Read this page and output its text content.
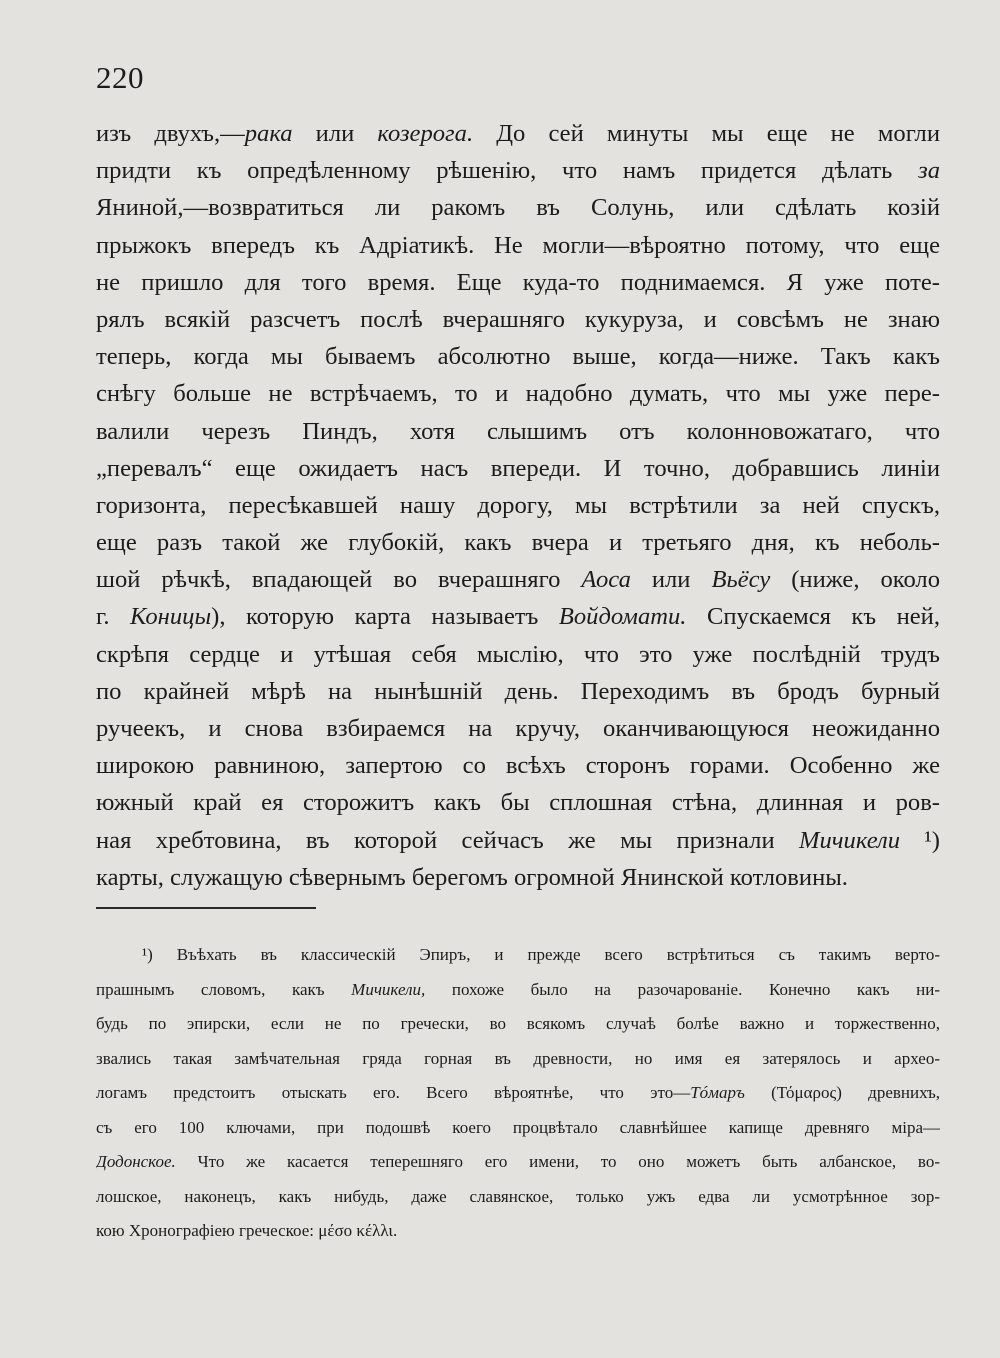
220
изъ двухъ,—рака или козерога. До сей минуты мы еще не могли
придти къ опредѣленному рѣшенію, что намъ придется дѣлать за
Яниной,—возвратиться ли ракомъ въ Солунь, или сдѣлать козій
прыжокъ впередъ къ Адріатикѣ. Не могли—вѣроятно потому, что еще
не пришло для того время. Еще куда-то поднимаемся. Я уже поте-
рялъ всякій разсчетъ послѣ вчерашняго кукуруза, и совсѣмъ не знаю
теперь, когда мы бываемъ абсолютно выше, когда—ниже. Такъ какъ
снѣгу больше не встрѣчаемъ, то и надобно думать, что мы уже пере-
валили черезъ Пиндъ, хотя слышимъ отъ колонновожатаго, что
„перевалъ“ еще ожидаетъ насъ впереди. И точно, добравшись линіи
горизонта, пересѣкавшей нашу дорогу, мы встрѣтили за ней спускъ,
еще разъ такой же глубокій, какъ вчера и третьяго дня, къ неболь-
шой рѣчкѣ, впадающей во вчерашняго Аоса или Вьёсу (ниже, около
г. Коницы), которую карта называетъ Войдомати. Спускаемся къ ней,
скрѣпя сердце и утѣшая себя мыслію, что это уже послѣдній трудъ
по крайней мѣрѣ на нынѣшній день. Переходимъ въ бродъ бурный
ручеекъ, и снова взбираемся на кручу, оканчивающуюся неожиданно
широкою равниною, запертою со всѣхъ сторонъ горами. Особенно же
южный край ея сторожитъ какъ бы сплошная стѣна, длинная и ров-
ная хребтовина, въ которой сейчасъ же мы признали Мичикели ¹)
карты, служащую сѣвернымъ берегомъ огромной Янинской котловины.
¹) Въѣхать въ классическій Эпиръ, и прежде всего встрѣтиться съ такимъ верто-
прашнымъ словомъ, какъ Мичикели, похоже было на разочарованіе. Конечно какъ ни-
будь по эпирски, если не по гречески, во всякомъ случаѣ болѣе важно и торжественно,
звались такая замѣчательная гряда горная въ древности, но имя ея затерялось и археo-
логамъ предстоитъ отыскать его. Всего вѣроятнѣе, что это—Тóмаръ (Τόμαρος) древнихъ,
съ его 100 ключами, при подошвѣ коего процвѣтало славнѣйшее капище древняго міра—
Додонское. Что же касается теперешняго его имени, то оно можетъ быть албанское, во-
лошское, наконецъ, какъ нибудь, даже славянское, только ужъ едва ли усмотрѣнное зор-
кою Хронографіею греческое: μέσο κέλλι.
